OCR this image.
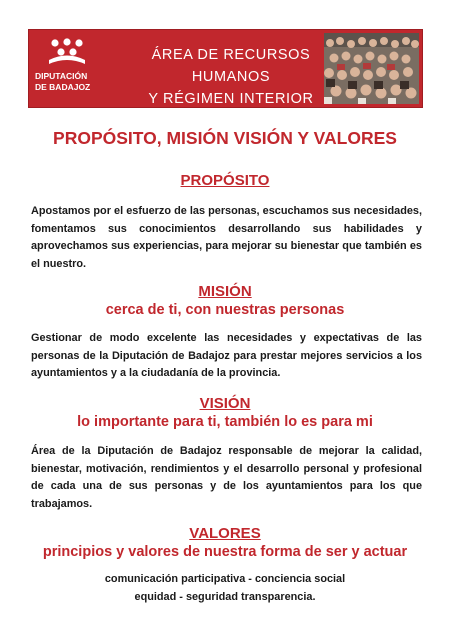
DIPUTACIÓN
DE BADAJOZ
ÁREA DE RECURSOS HUMANOS
Y RÉGIMEN INTERIOR
PROPÓSITO, MISIÓN VISIÓN Y VALORES
PROPÓSITO
Apostamos por el esfuerzo de las personas, escuchamos sus necesidades, fomentamos sus conocimientos desarrollando sus habilidades y aprovechamos sus experiencias, para mejorar su bienestar que también es el nuestro.
MISIÓN
cerca de ti, con nuestras personas
Gestionar de modo excelente las necesidades y expectativas de las personas de la Diputación de Badajoz para prestar mejores servicios a los ayuntamientos y a la ciudadanía de la provincia.
VISIÓN
lo importante para ti, también lo es para mi
Área de la Diputación de Badajoz responsable de mejorar la calidad, bienestar, motivación, rendimientos y el desarrollo personal y profesional de cada una de sus personas y de los ayuntamientos para los que trabajamos.
VALORES
principios y valores de nuestra forma de ser y actuar
comunicación participativa - conciencia social
equidad - seguridad transparencia.
